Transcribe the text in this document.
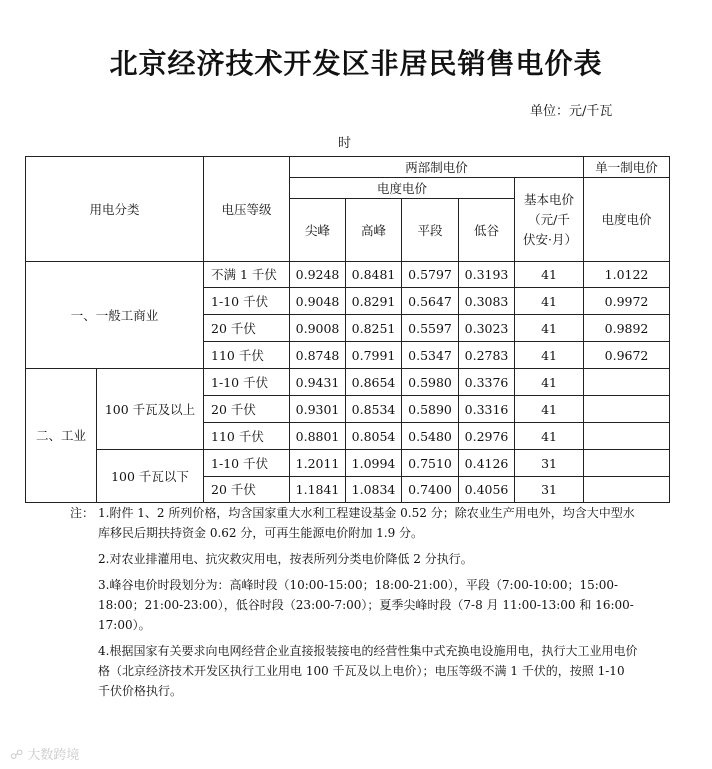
北京经济技术开发区非居民销售电价表
单位：元/千瓦
时
用电分类		电压等级	两部制电价					单一制电价
			电度电价				基本电价（元/千伏安·月）	电度电价
			尖峰	高峰	平段	低谷		

一、一般工商业		不满 1 千伏	0.9248	0.8481	0.5797	0.3193	41	1.0122
		1-10 千伏	0.9048	0.8291	0.5647	0.3083	41	0.9972
		20 千伏	0.9008	0.8251	0.5597	0.3023	41	0.9892
		110 千伏	0.8748	0.7991	0.5347	0.2783	41	0.9672
二、工业	100 千瓦及以上	1-10 千伏	0.9431	0.8654	0.5980	0.3376	41	
		20 千伏	0.9301	0.8534	0.5890	0.3316	41	
		110 千伏	0.8801	0.8054	0.5480	0.2976	41	
	100 千瓦以下	1-10 千伏	1.2011	1.0994	0.7510	0.4126	31	
		20 千伏	1.1841	1.0834	0.7400	0.4056	31	
注： 1.附件 1、2 所列价格，均含国家重大水利工程建设基金 0.52 分；除农业生产用电外，均含大中型水库移民后期扶持资金 0.62 分，可再生能源电价附加 1.9 分。
2.对农业排灌用电、抗灾救灾用电，按表所列分类电价降低 2 分执行。
3.峰谷电价时段划分为：高峰时段（10:00-15:00；18:00-21:00），平段（7:00-10:00；15:00-18:00；21:00-23:00），低谷时段（23:00-7:00）；夏季尖峰时段（7-8 月 11:00-13:00 和 16:00-17:00）。
4.根据国家有关要求向电网经营企业直接报装接电的经营性集中式充换电设施用电，执行大工业用电价格（北京经济技术开发区执行工业用电 100 千瓦及以上电价）；电压等级不满 1 千伏的，按照 1-10 千伏价格执行。
☍ 大数跨境
